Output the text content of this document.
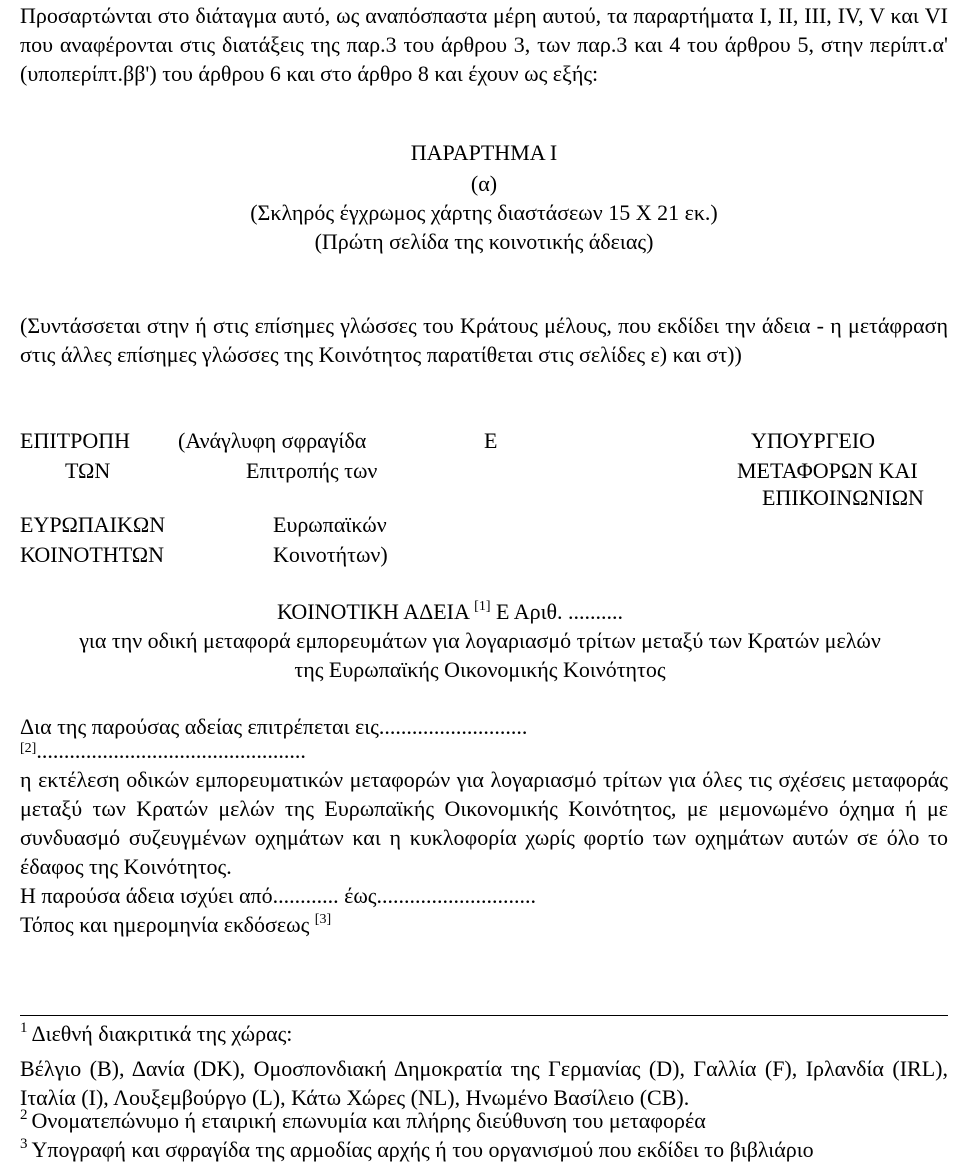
Προσαρτώνται στο διάταγμα αυτό, ως αναπόσπαστα μέρη αυτού, τα παραρτήματα Ι, ΙΙ, ΙΙΙ, ΙV, V και VΙ που αναφέρονται στις διατάξεις της παρ.3 του άρθρου 3, των παρ.3 και 4 του άρθρου 5, στην περίπτ.α' (υποπερίπτ.ββ') του άρθρου 6 και στο άρθρο 8 και έχουν ως εξής:
ΠΑΡΑΡΤΗΜΑ Ι
(α)
(Σκληρός έγχρωμος χάρτης διαστάσεων 15 Χ 21 εκ.)
(Πρώτη σελίδα της κοινοτικής άδειας)
(Συντάσσεται στην ή στις επίσημες γλώσσες του Κράτους μέλους, που εκδίδει την άδεια - η μετάφραση στις άλλες επίσημες γλώσσες της Κοινότητος παρατίθεται στις σελίδες ε) και στ))
ΕΠΙΤΡΟΠΗ
ΤΩΝ
ΕΥΡΩΠΑΙΚΩΝ
ΚΟΙΝΟΤΗΤΩΝ
(Ανάγλυφη σφραγίδα
Επιτροπής των
Ευρωπαϊκών
Κοινοτήτων)
Ε	ΥΠΟΥΡΓΕΙΟ
ΜΕΤΑΦΟΡΩΝ ΚΑΙ
ΕΠΙΚΟΙΝΩΝΙΩΝ
ΚΟΙΝΟΤΙΚΗ ΑΔΕΙΑ [1] Ε Αριθ. ..........
για την οδική μεταφορά εμπορευμάτων για λογαριασμό τρίτων μεταξύ των Κρατών μελών
της Ευρωπαϊκής Οικονομικής Κοινότητος
Δια της παρούσας αδείας επιτρέπεται εις...........................
[2].................................................
η εκτέλεση οδικών εμπορευματικών μεταφορών για λογαριασμό τρίτων για όλες τις σχέσεις μεταφοράς μεταξύ των Κρατών μελών της Ευρωπαϊκής Οικονομικής Κοινότητος, με μεμονωμένο όχημα ή με συνδυασμό συζευγμένων οχημάτων και η κυκλοφορία χωρίς φορτίο των οχημάτων αυτών σε όλο το έδαφος της Κοινότητος.
Η παρούσα άδεια ισχύει από............ έως.............................
Τόπος και ημερομηνία εκδόσεως [3]
$^1$ Διεθνή διακριτικά της χώρας:
Βέλγιο (Β), Δανία (DK), Ομοσπονδιακή Δημοκρατία της Γερμανίας (D), Γαλλία (F), Ιρλανδία (IRL), Ιταλία (Ι), Λουξεμβούργο (L), Κάτω Χώρες (NL), Ηνωμένο Βασίλειο (CB).
$^2$ Ονοματεπώνυμο ή εταιρική επωνυμία και πλήρης διεύθυνση του μεταφορέα
$^3$ Υπογραφή και σφραγίδα της αρμοδίας αρχής ή του οργανισμού που εκδίδει το βιβλιάριο
